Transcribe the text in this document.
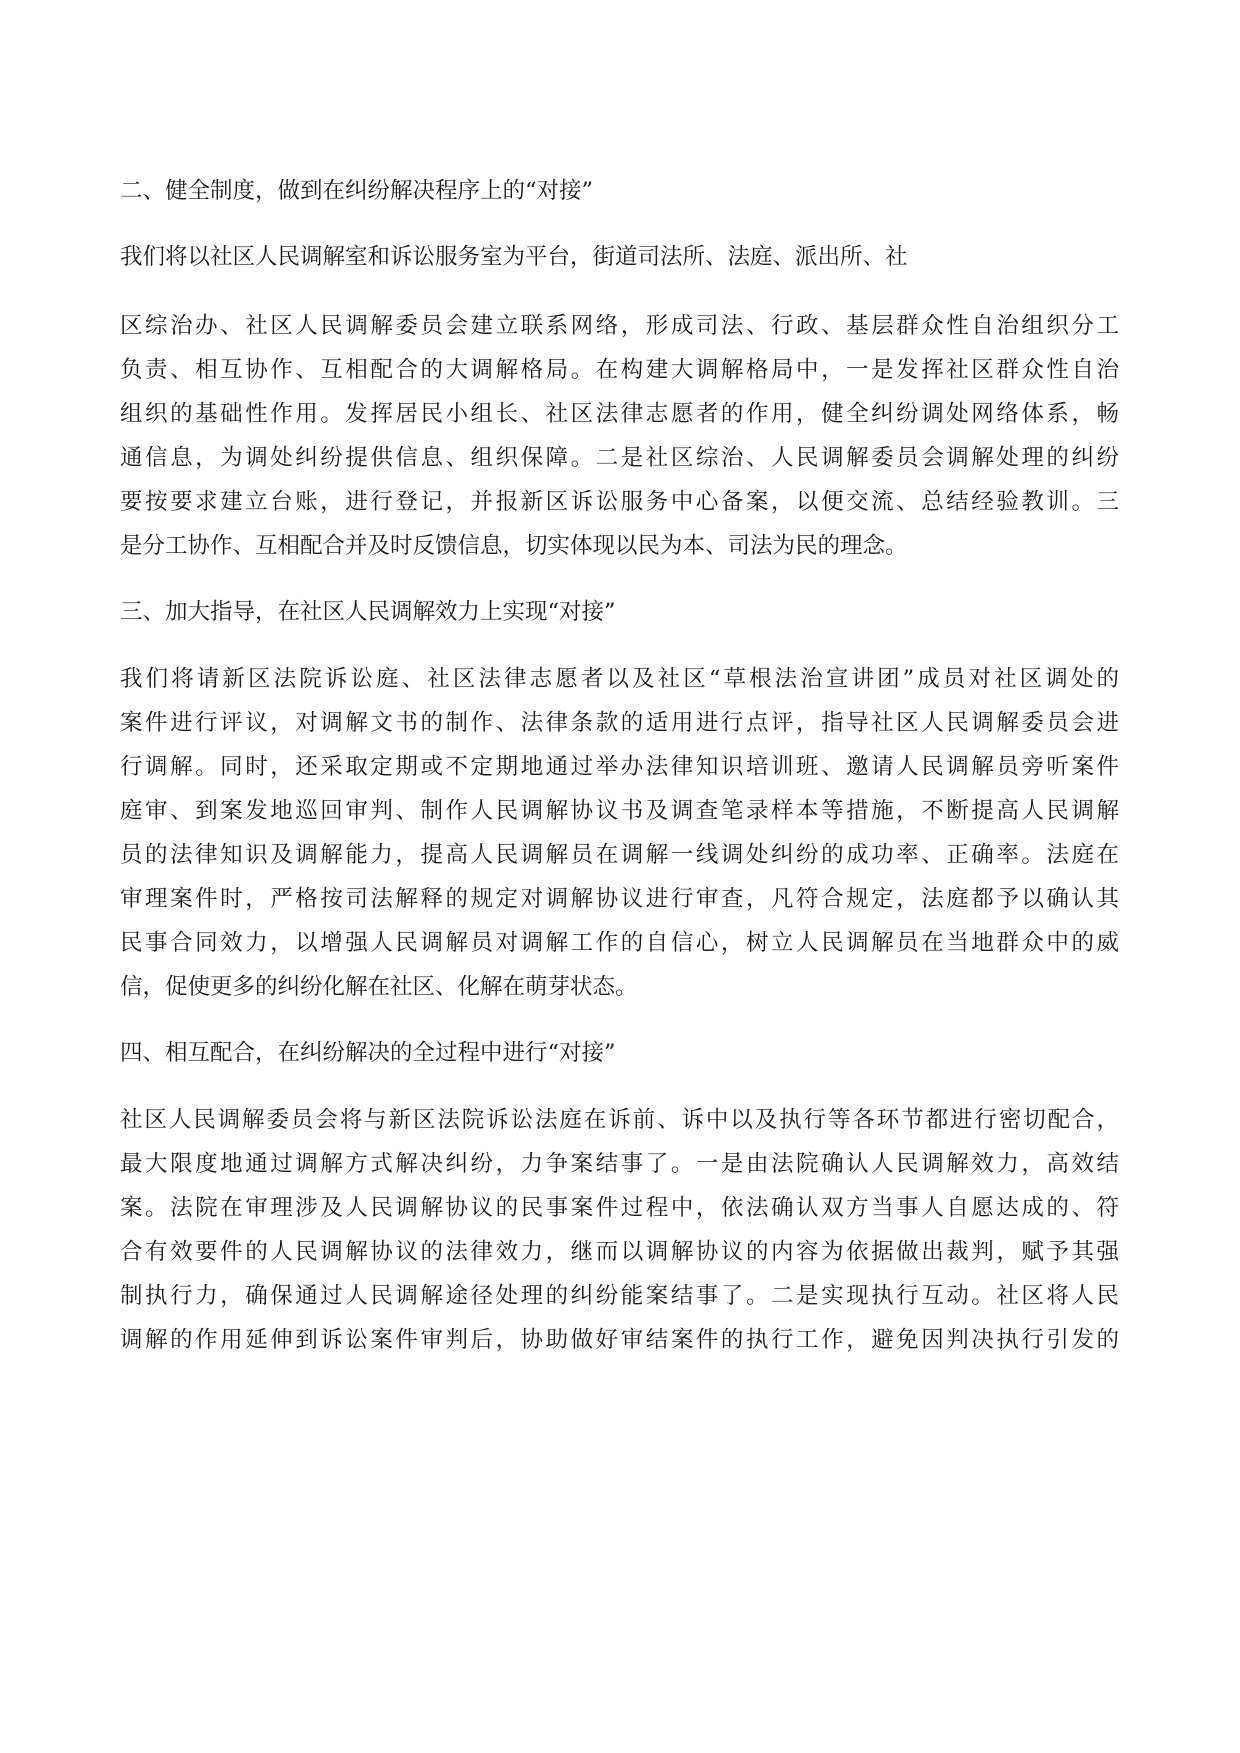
二、健全制度，做到在纠纷解决程序上的“对接”
我们将以社区人民调解室和诉讼服务室为平台，街道司法所、法庭、派出所、社
区综治办、社区人民调解委员会建立联系网络，形成司法、行政、基层群众性自治组织分工
负责、相互协作、互相配合的大调解格局。在构建大调解格局中，一是发挥社区群众性自治
组织的基础性作用。发挥居民小组长、社区法律志愿者的作用，健全纠纷调处网络体系，畅
通信息，为调处纠纷提供信息、组织保障。二是社区综治、人民调解委员会调解处理的纠纷
要按要求建立台账，进行登记，并报新区诉讼服务中心备案，以便交流、总结经验教训。三
是分工协作、互相配合并及时反馈信息，切实体现以民为本、司法为民的理念。
三、加大指导，在社区人民调解效力上实现“对接”
我们将请新区法院诉讼庭、社区法律志愿者以及社区“草根法治宣讲团”成员对社区调处的
案件进行评议，对调解文书的制作、法律条款的适用进行点评，指导社区人民调解委员会进
行调解。同时，还采取定期或不定期地通过举办法律知识培训班、邀请人民调解员旁听案件
庭审、到案发地巡回审判、制作人民调解协议书及调查笔录样本等措施，不断提高人民调解
员的法律知识及调解能力，提高人民调解员在调解一线调处纠纷的成功率、正确率。法庭在
审理案件时，严格按司法解释的规定对调解协议进行审查，凡符合规定，法庭都予以确认其
民事合同效力，以增强人民调解员对调解工作的自信心，树立人民调解员在当地群众中的威
信，促使更多的纠纷化解在社区、化解在萌芽状态。
四、相互配合，在纠纷解决的全过程中进行“对接”
社区人民调解委员会将与新区法院诉讼法庭在诉前、诉中以及执行等各环节都进行密切配合，
最大限度地通过调解方式解决纠纷，力争案结事了。一是由法院确认人民调解效力，高效结
案。法院在审理涉及人民调解协议的民事案件过程中，依法确认双方当事人自愿达成的、符
合有效要件的人民调解协议的法律效力，继而以调解协议的内容为依据做出裁判，赋予其强
制执行力，确保通过人民调解途径处理的纠纷能案结事了。二是实现执行互动。社区将人民
调解的作用延伸到诉讼案件审判后，协助做好审结案件的执行工作，避免因判决执行引发的
